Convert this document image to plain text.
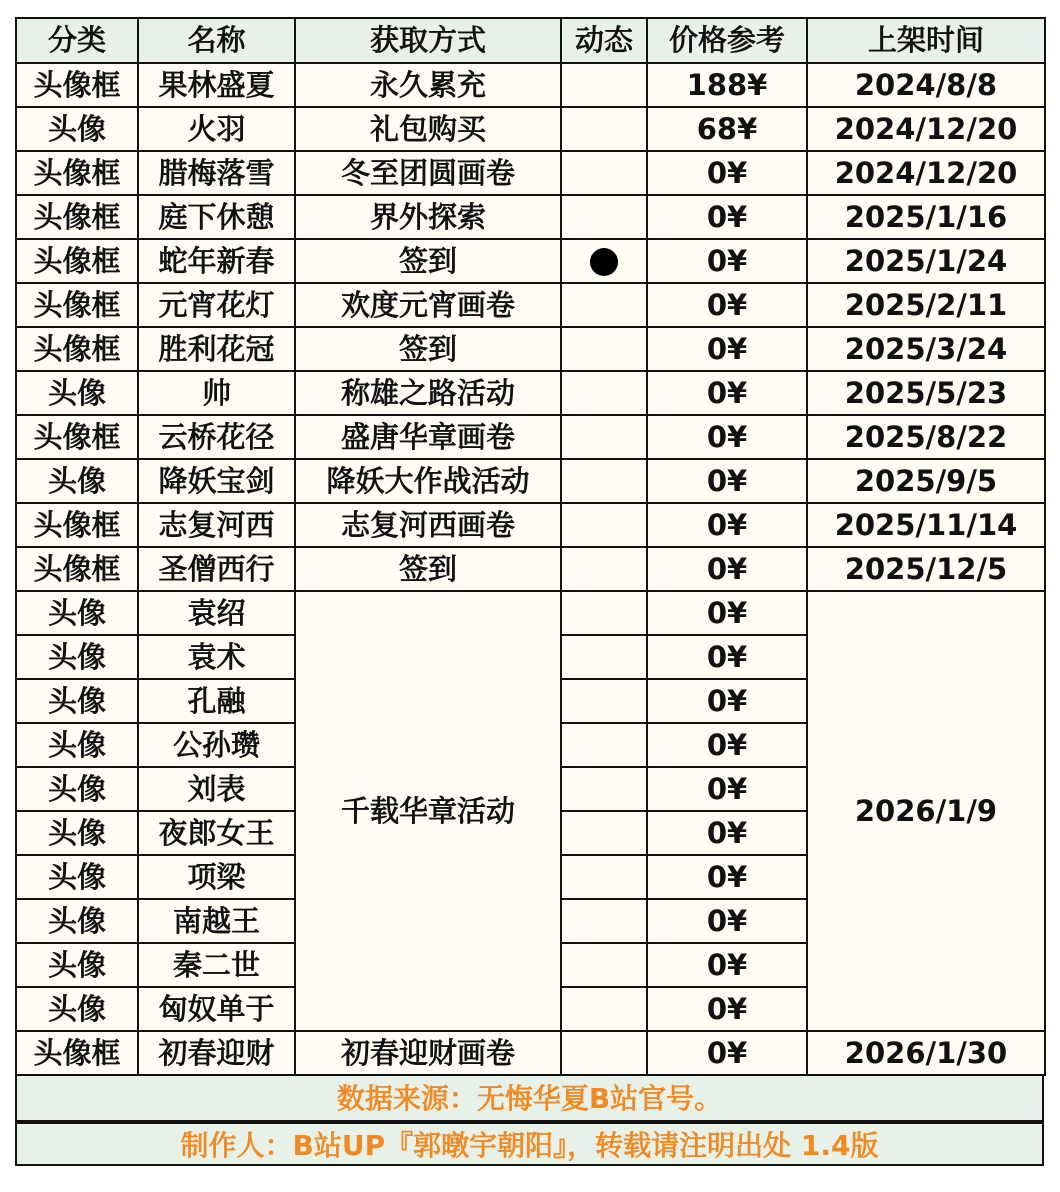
分类	名称	获取方式	动态	价格参考	上架时间
头像框	果林盛夏	永久累充		188¥	2024/8/8
头像	火羽	礼包购买		68¥	2024/12/20
头像框	腊梅落雪	冬至团圆画卷		0¥	2024/12/20
头像框	庭下休憩	界外探索		0¥	2025/1/16
头像框	蛇年新春	签到		0¥	2025/1/24
头像框	元宵花灯	欢度元宵画卷		0¥	2025/2/11
头像框	胜利花冠	签到		0¥	2025/3/24
头像	帅	称雄之路活动		0¥	2025/5/23
头像框	云桥花径	盛唐华章画卷		0¥	2025/8/22
头像	降妖宝剑	降妖大作战活动		0¥	2025/9/5
头像框	志复河西	志复河西画卷		0¥	2025/11/14
头像框	圣僧西行	签到		0¥	2025/12/5
头像	袁绍	千载华章活动		0¥	2026/1/9
头像	袁术			0¥	
头像	孔融			0¥	
头像	公孙瓒			0¥	
头像	刘表			0¥	
头像	夜郎女王			0¥	
头像	项梁			0¥	
头像	南越王			0¥	
头像	秦二世			0¥	
头像	匈奴单于			0¥	
头像框	初春迎财	初春迎财画卷		0¥	2026/1/30
数据来源：无悔华夏B站官号。
制作人：B站UP『郭暾宇朝阳』，转载请注明出处 1.4版
